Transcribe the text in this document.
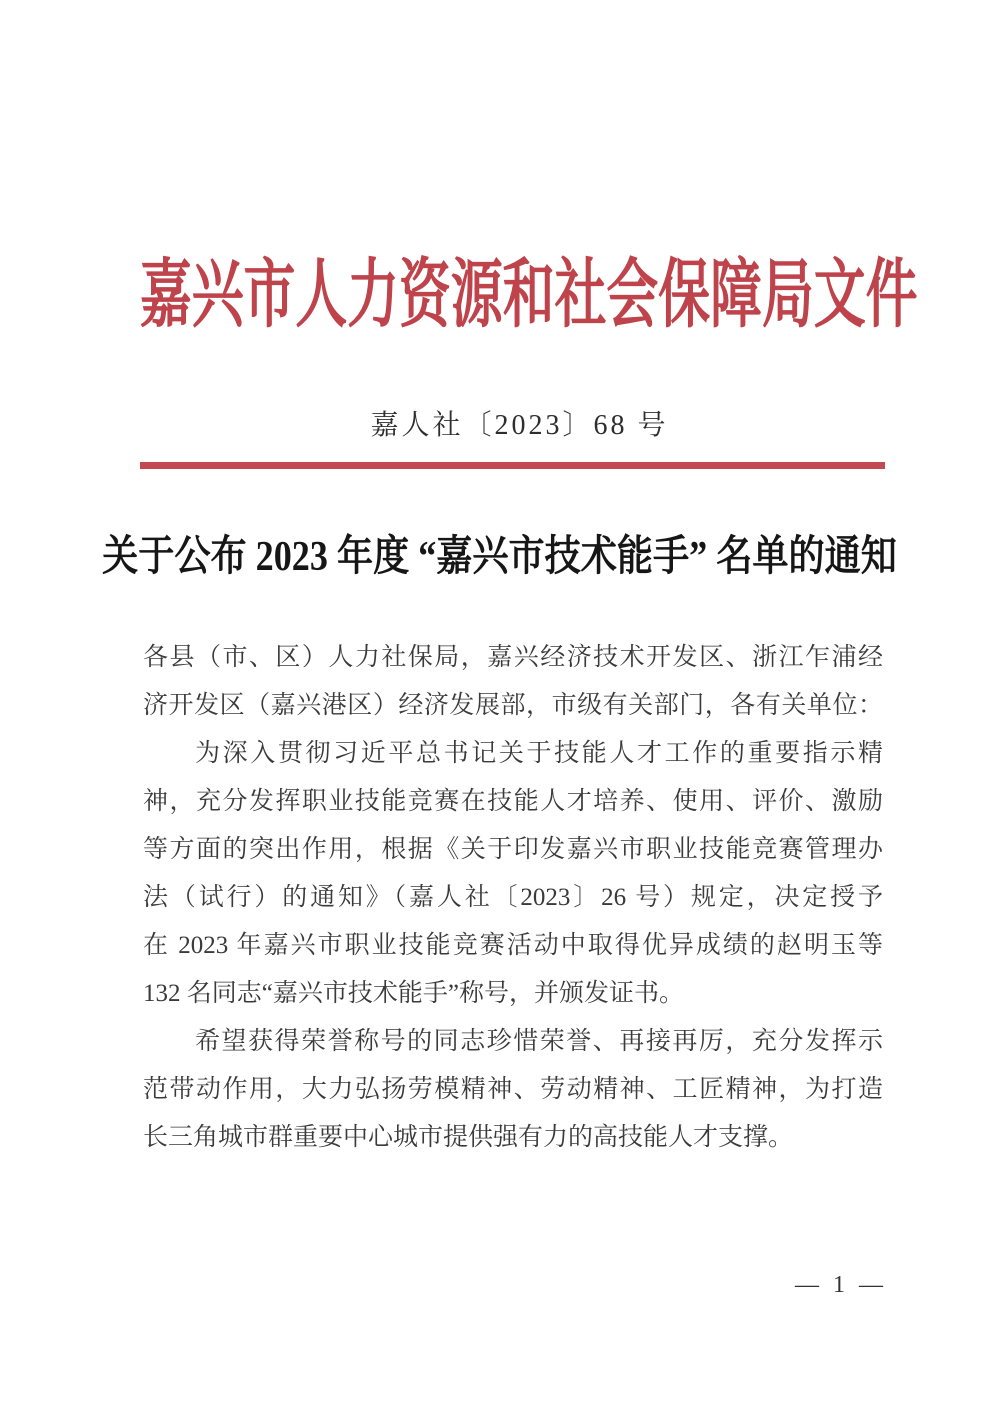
嘉兴市人力资源和社会保障局文件
嘉人社〔2023〕68 号
关于公布 2023 年度 “嘉兴市技术能手” 名单的通知
各县（市、区）人力社保局，嘉兴经济技术开发区、浙江乍浦经
济开发区（嘉兴港区）经济发展部，市级有关部门，各有关单位：
为深入贯彻习近平总书记关于技能人才工作的重要指示精
神，充分发挥职业技能竞赛在技能人才培养、使用、评价、激励
等方面的突出作用，根据《关于印发嘉兴市职业技能竞赛管理办
法（试行）的通知》（嘉人社〔2023〕26 号）规定，决定授予
在 2023 年嘉兴市职业技能竞赛活动中取得优异成绩的赵明玉等
132 名同志“嘉兴市技术能手”称号，并颁发证书。
希望获得荣誉称号的同志珍惜荣誉、再接再厉，充分发挥示
范带动作用，大力弘扬劳模精神、劳动精神、工匠精神，为打造
长三角城市群重要中心城市提供强有力的高技能人才支撑。
— 1 —
